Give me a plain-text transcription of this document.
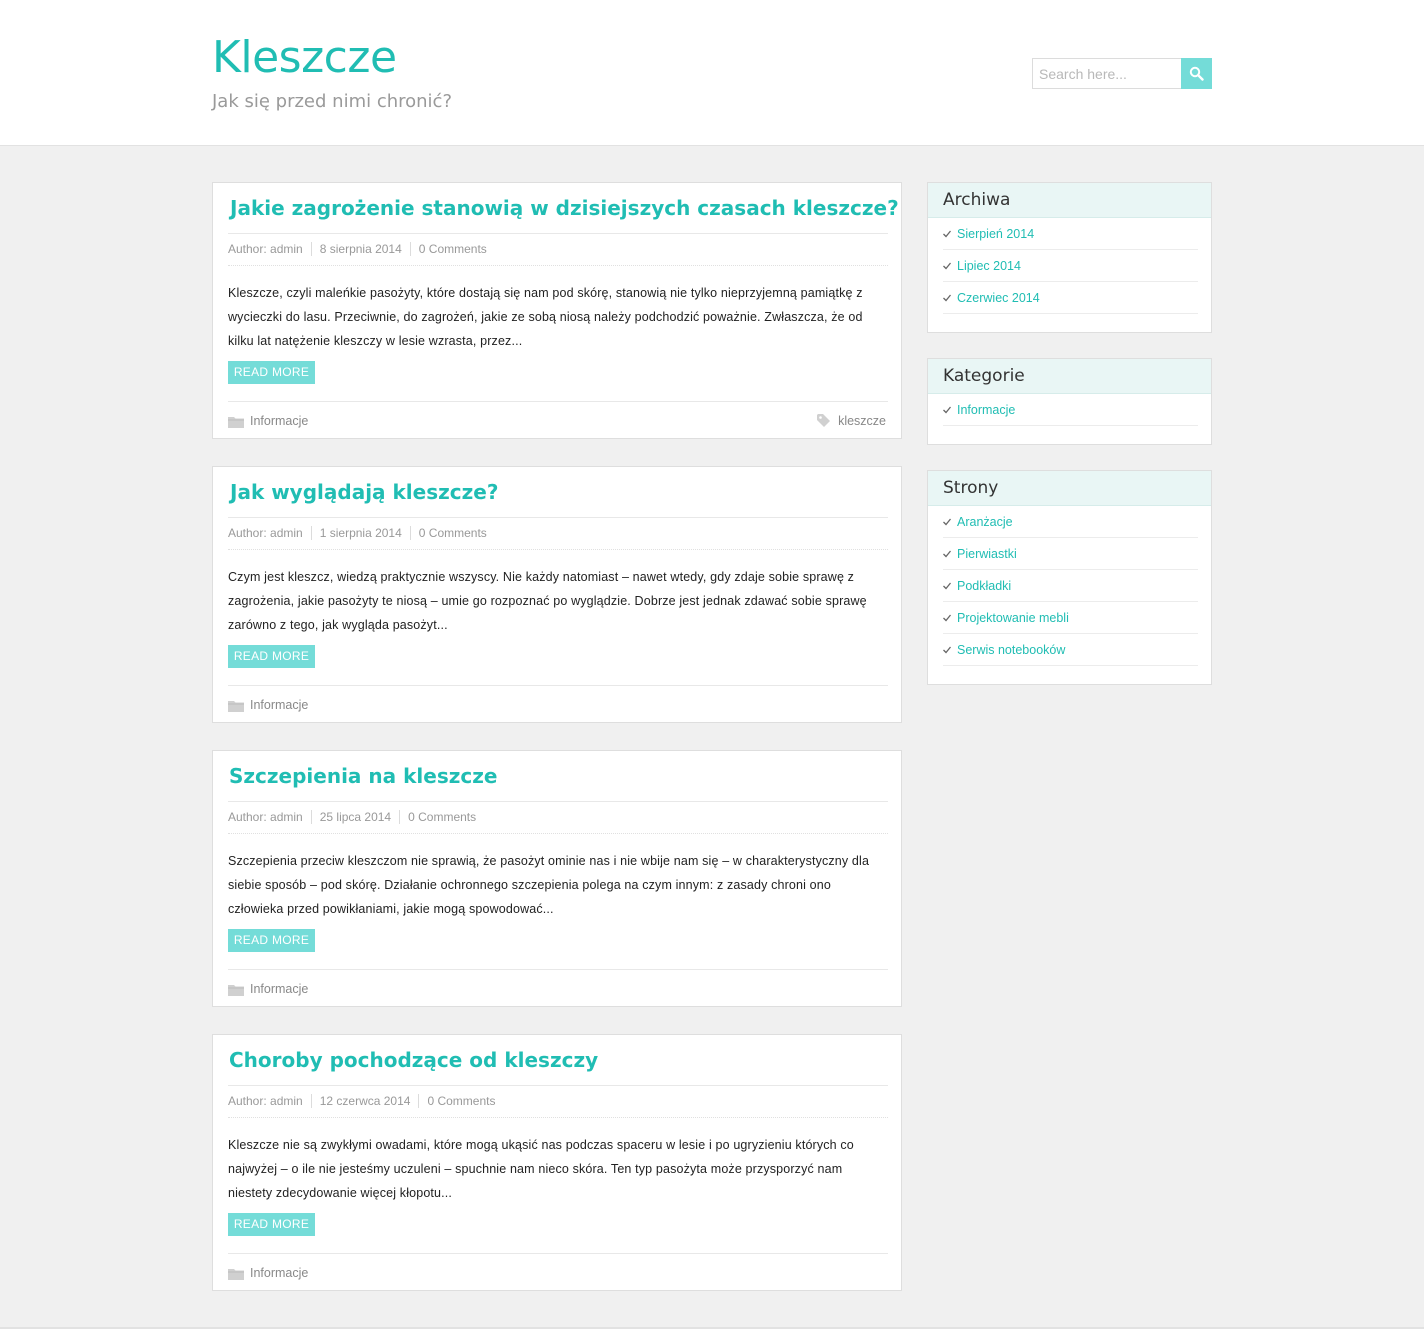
Kleszcze
Jak się przed nimi chronić?
Search here...
Jakie zagrożenie stanowią w dzisiejszych czasach kleszcze?
Author: admin 8 sierpnia 2014 0 Comments
Kleszcze, czyli maleńkie pasożyty, które dostają się nam pod skórę, stanowią nie tylko nieprzyjemną pamiątkę z wycieczki do lasu. Przeciwnie, do zagrożeń, jakie ze sobą niosą należy podchodzić poważnie. Zwłaszcza, że od kilku lat natężenie kleszczy w lesie wzrasta, przez...
READ MORE
Informacje	kleszcze
Jak wyglądają kleszcze?
Author: admin 1 sierpnia 2014 0 Comments
Czym jest kleszcz, wiedzą praktycznie wszyscy. Nie każdy natomiast – nawet wtedy, gdy zdaje sobie sprawę z zagrożenia, jakie pasożyty te niosą – umie go rozpoznać po wyglądzie. Dobrze jest jednak zdawać sobie sprawę zarówno z tego, jak wygląda pasożyt...
READ MORE
Informacje
Szczepienia na kleszcze
Author: admin 25 lipca 2014 0 Comments
Szczepienia przeciw kleszczom nie sprawią, że pasożyt ominie nas i nie wbije nam się – w charakterystyczny dla siebie sposób – pod skórę. Działanie ochronnego szczepienia polega na czym innym: z zasady chroni ono człowieka przed powikłaniami, jakie mogą spowodować...
READ MORE
Informacje
Choroby pochodzące od kleszczy
Author: admin 12 czerwca 2014 0 Comments
Kleszcze nie są zwykłymi owadami, które mogą ukąsić nas podczas spaceru w lesie i po ugryzieniu których co najwyżej – o ile nie jesteśmy uczuleni – spuchnie nam nieco skóra. Ten typ pasożyta może przysporzyć nam niestety zdecydowanie więcej kłopotu...
READ MORE
Informacje
Archiwa
Sierpień 2014
Lipiec 2014
Czerwiec 2014
Kategorie
Informacje
Strony
Aranżacje
Pierwiastki
Podkładki
Projektowanie mebli
Serwis notebooków
